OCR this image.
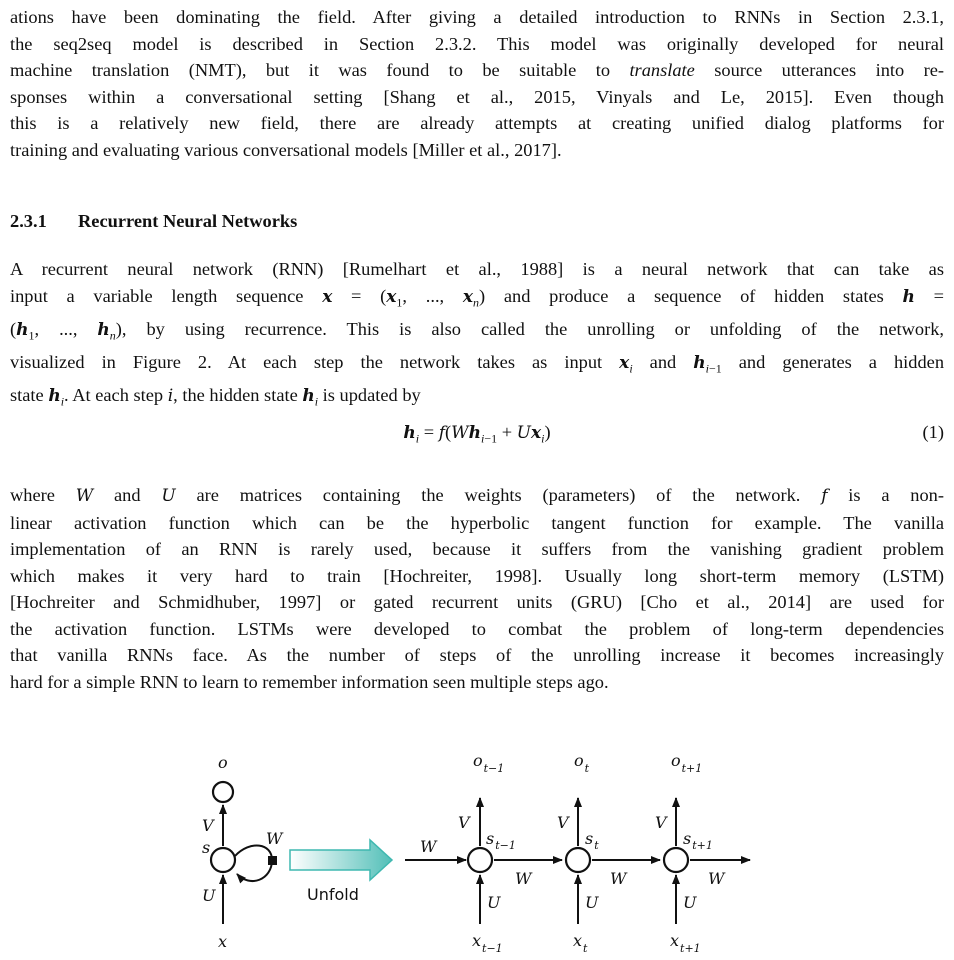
ations have been dominating the field. After giving a detailed introduction to RNNs in Section 2.3.1,
the seq2seq model is described in Section 2.3.2. This model was originally developed for neural
machine translation (NMT), but it was found to be suitable to translate source utterances into re-
sponses within a conversational setting [Shang et al., 2015, Vinyals and Le, 2015]. Even though
this is a relatively new field, there are already attempts at creating unified dialog platforms for
training and evaluating various conversational models [Miller et al., 2017].
2.3.1 Recurrent Neural Networks
A recurrent neural network (RNN) [Rumelhart et al., 1988] is a neural network that can take as
input a variable length sequence $x = (x_1$, ..., $x_n$) and produce a sequence of hidden states h =
($h_1$, ..., $h_n$), by using recurrence. This is also called the unrolling or unfolding of the network,
visualized in Figure 2. At each step the network takes as input $x_i$ and $h_{i-1}$ and generates a hidden
state $h_i$. At each step i, the hidden state $h_i$ is updated by
$h_i = f(Wh_{i-1} + Ux_i)$	(1)
where W and U are matrices containing the weights (parameters) of the network. f is a non-
linear activation function which can be the hyperbolic tangent function for example. The vanilla
implementation of an RNN is rarely used, because it suffers from the vanishing gradient problem
which makes it very hard to train [Hochreiter, 1998]. Usually long short-term memory (LSTM)
[Hochreiter and Schmidhuber, 1997] or gated recurrent units (GRU) [Cho et al., 2014] are used for
the activation function. LSTMs were developed to combat the problem of long-term dependencies
that vanilla RNNs face. As the number of steps of the unrolling increase it becomes increasingly
hard for a simple RNN to learn to remember information seen multiple steps ago.
o
V
s	W
U
x
Unfold
W
$o_{t-1}$
V
$s_{t-1}$
U
$x_{t-1}$
W
$o_t$
V
$s_t$
U
$x_t$
W
$o_{t+1}$
V
$s_{t+1}$
U
$x_{t+1}$
W
